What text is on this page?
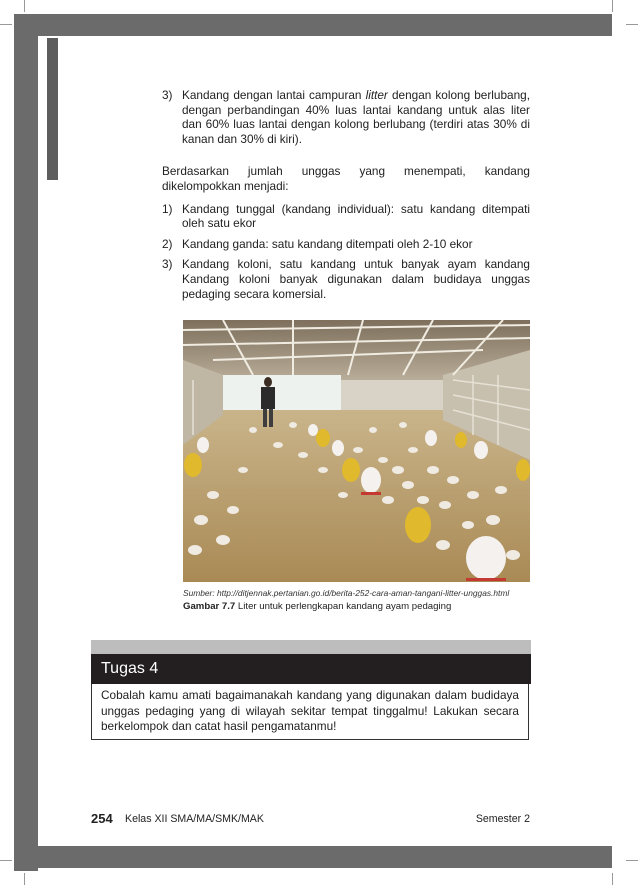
3) Kandang dengan lantai campuran litter dengan kolong berlubang, dengan perbandingan 40% luas lantai kandang untuk alas liter dan 60% luas lantai dengan kolong berlubang (terdiri atas 30% di kanan dan 30% di kiri).
Berdasarkan jumlah unggas yang menempati, kandang dikelompokkan menjadi:
1) Kandang tunggal (kandang individual): satu kandang ditempati oleh satu ekor
2) Kandang ganda: satu kandang ditempati oleh 2-10 ekor
3) Kandang koloni, satu kandang untuk banyak ayam kandang Kandang koloni banyak digunakan dalam budidaya unggas pedaging secara komersial.
Sumber: http://ditjennak.pertanian.go.id/berita-252-cara-aman-tangani-litter-unggas.html
Gambar 7.7 Liter untuk perlengkapan kandang ayam pedaging
Tugas 4
Cobalah kamu amati bagaimanakah kandang yang digunakan dalam budidaya unggas pedaging yang di wilayah sekitar tempat tinggalmu! Lakukan secara berkelompok dan catat hasil pengamatanmu!
254 Kelas XII SMA/MA/SMK/MAK	Semester 2
